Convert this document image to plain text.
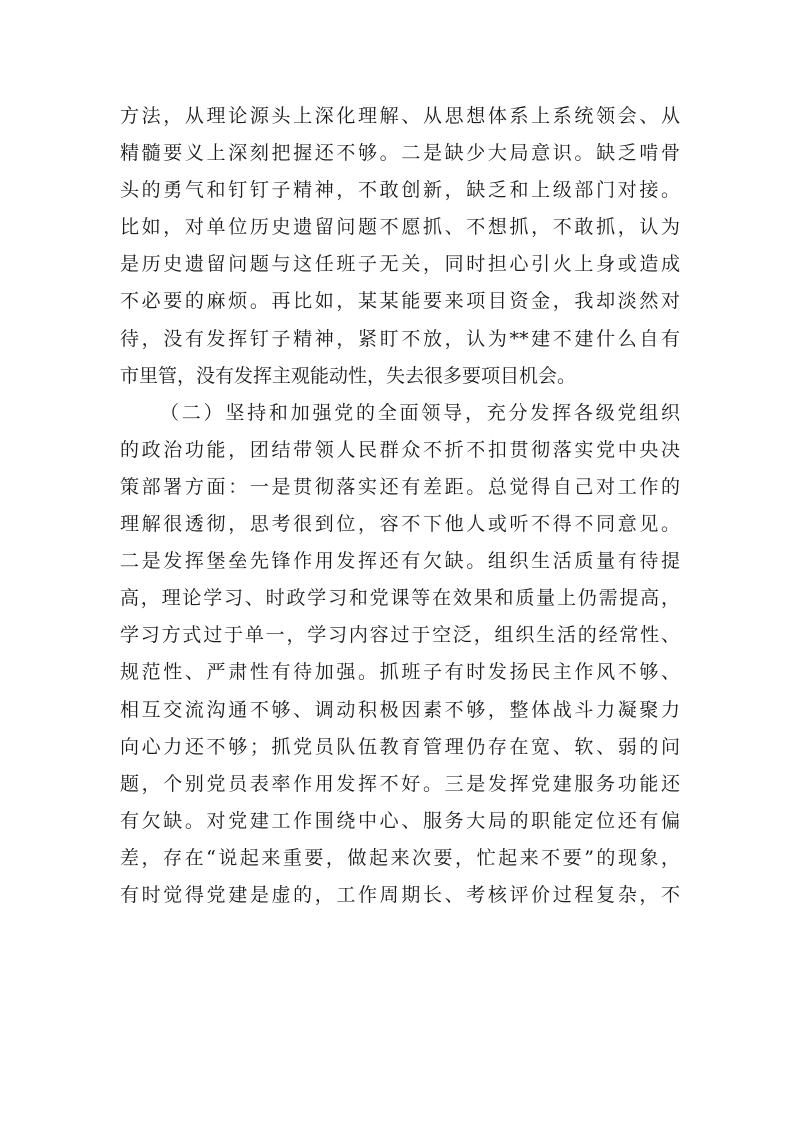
方法，从理论源头上深化理解、从思想体系上系统领会、从
精髓要义上深刻把握还不够。二是缺少大局意识。缺乏啃骨
头的勇气和钉钉子精神，不敢创新，缺乏和上级部门对接。
比如，对单位历史遗留问题不愿抓、不想抓，不敢抓，认为
是历史遗留问题与这任班子无关，同时担心引火上身或造成
不必要的麻烦。再比如，某某能要来项目资金，我却淡然对
待，没有发挥钉子精神，紧盯不放，认为**建不建什么自有
市里管，没有发挥主观能动性，失去很多要项目机会。
（二）坚持和加强党的全面领导，充分发挥各级党组织
的政治功能，团结带领人民群众不折不扣贯彻落实党中央决
策部署方面：一是贯彻落实还有差距。总觉得自己对工作的
理解很透彻，思考很到位，容不下他人或听不得不同意见。
二是发挥堡垒先锋作用发挥还有欠缺。组织生活质量有待提
高，理论学习、时政学习和党课等在效果和质量上仍需提高，
学习方式过于单一，学习内容过于空泛，组织生活的经常性、
规范性、严肃性有待加强。抓班子有时发扬民主作风不够、
相互交流沟通不够、调动积极因素不够，整体战斗力凝聚力
向心力还不够；抓党员队伍教育管理仍存在宽、软、弱的问
题，个别党员表率作用发挥不好。三是发挥党建服务功能还
有欠缺。对党建工作围绕中心、服务大局的职能定位还有偏
差，存在“说起来重要，做起来次要，忙起来不要”的现象，
有时觉得党建是虚的，工作周期长、考核评价过程复杂，不
